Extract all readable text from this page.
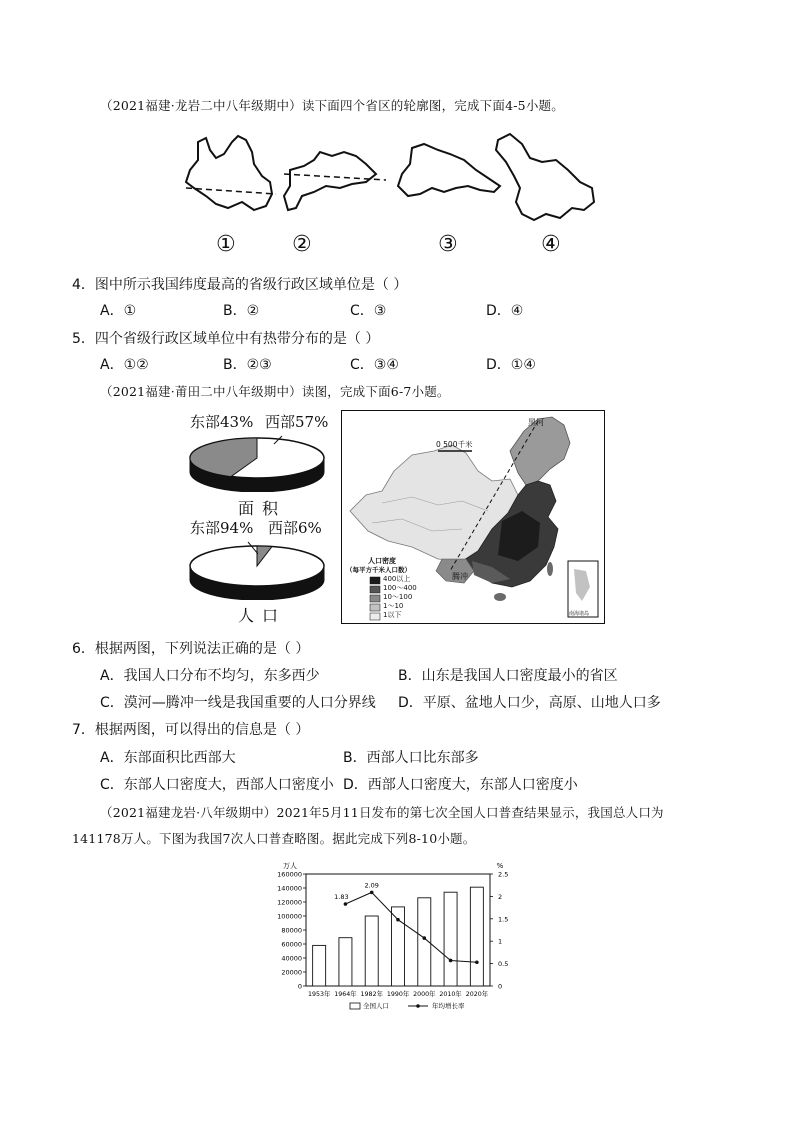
（2021福建·龙岩二中八年级期中）读下面四个省区的轮廓图，完成下面4-5小题。
①	②	③	④
4．图中所示我国纬度最高的省级行政区域单位是（ ）
A．①	B．②	C．③	D．④
5．四个省级行政区域单位中有热带分布的是（ ）
A．①②	B．②③	C．③④	D．①④
（2021福建·莆田二中八年级期中）读图，完成下面6-7小题。
东部43% 西部57%
面积
东部94% 西部6%
人口
0 500千米
黑河
腾冲
人口密度
（每平方千米人口数）
400以上
100～400
10～100
1～10
1以下	南海诸岛
6．根据两图，下列说法正确的是（ ）
A．我国人口分布不均匀，东多西少	B．山东是我国人口密度最小的省区
C．漠河—腾冲一线是我国重要的人口分界线 D．平原、盆地人口少，高原、山地人口多
7．根据两图，可以得出的信息是（ ）
A．东部面积比西部大	B．西部人口比东部多
C．东部人口密度大，西部人口密度小 D．西部人口密度大，东部人口密度小
（2021福建龙岩·八年级期中）2021年5月11日发布的第七次全国人口普查结果显示，我国总人口为
141178万人。下图为我国7次人口普查略图。据此完成下列8-10小题。
0
20000
40000
60000
80000
100000
120000
140000
160000
0
0.5
1
1.5
2
2.5
万人	%
1953年 1964年 1982年 1990年 2000年 2010年 2020年
1.83
2.09
全国人口	年均增长率
